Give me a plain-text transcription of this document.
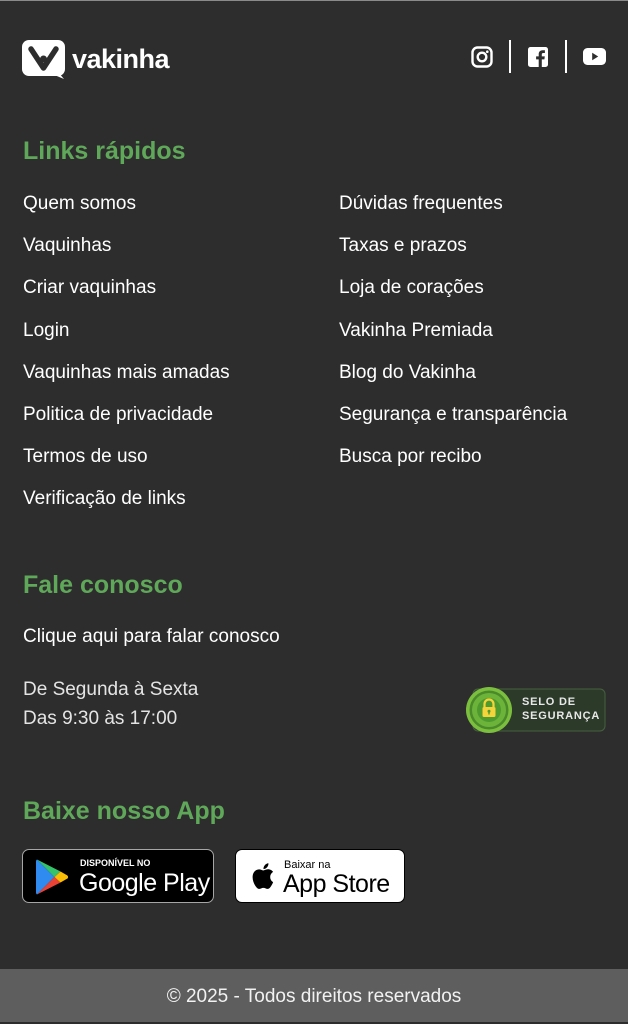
vakinha
Links rápidos
Quem somos
Vaquinhas
Criar vaquinhas
Login
Vaquinhas mais amadas
Politica de privacidade
Termos de uso
Verificação de links
Dúvidas frequentes
Taxas e prazos
Loja de corações
Vakinha Premiada
Blog do Vakinha
Segurança e transparência
Busca por recibo
Fale conosco
Clique aqui para falar conosco
De Segunda à Sexta
Das 9:30 às 17:00
SELO DE
SEGURANÇA
Baixe nosso App
DISPONÍVEL NO
Google Play
Baixar na
App Store
© 2025 - Todos direitos reservados
